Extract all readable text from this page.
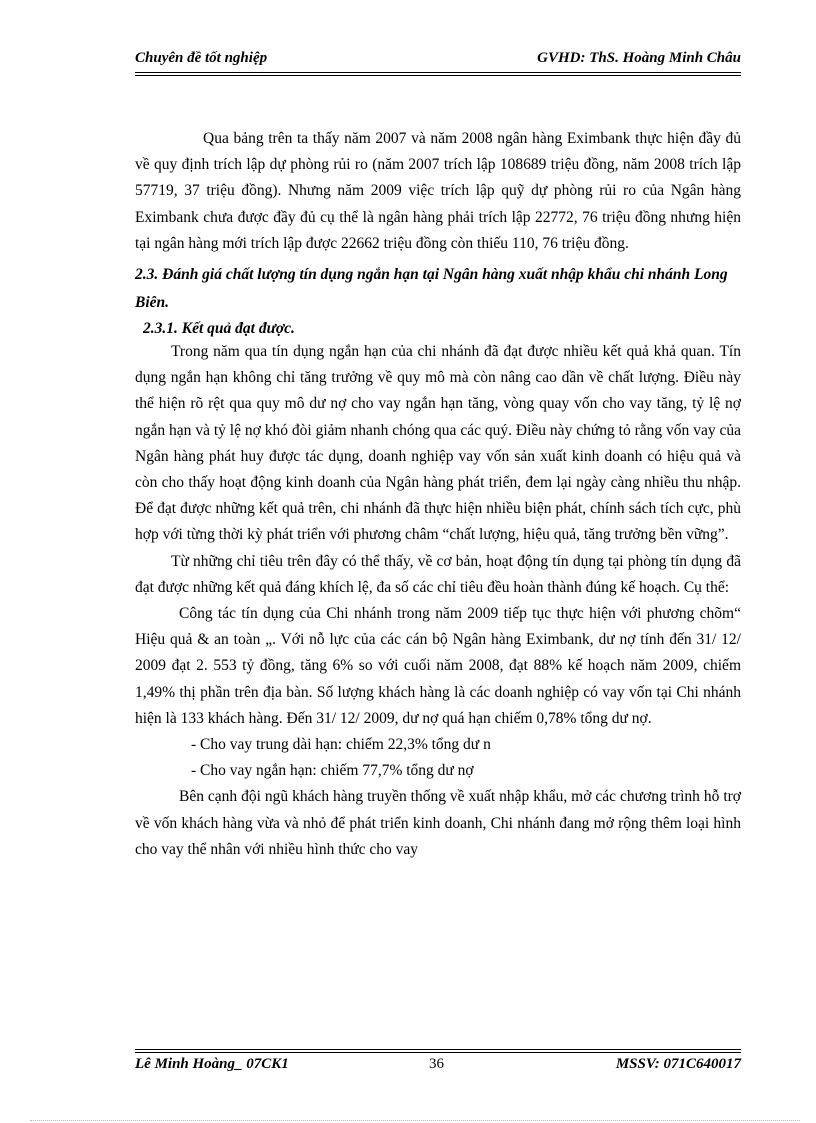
Chuyên đề tốt nghiệp	GVHD: ThS. Hoàng Minh Châu

Qua bảng trên ta thấy năm 2007 và năm 2008 ngân hàng Eximbank thực hiện đầy đủ về quy định trích lập dự phòng rủi ro (năm 2007 trích lập 108689 triệu đồng, năm 2008 trích lập 57719, 37 triệu đồng). Nhưng năm 2009 việc trích lập quỹ dự phòng rủi ro của Ngân hàng Eximbank chưa được đầy đủ cụ thể là ngân hàng phải trích lập 22772, 76 triệu đồng nhưng hiện tại ngân hàng mới trích lập được 22662 triệu đồng còn thiếu 110, 76 triệu đồng.

2.3. Đánh giá chất lượng tín dụng ngắn hạn tại Ngân hàng xuất nhập khẩu chi nhánh Long Biên.

2.3.1. Kết quả đạt được.

Trong năm qua tín dụng ngắn hạn của chi nhánh đã đạt được nhiều kết quả khả quan. Tín dụng ngắn hạn không chỉ tăng trưởng về quy mô mà còn nâng cao dần về chất lượng. Điều này thể hiện rõ rệt qua quy mô dư nợ cho vay ngắn hạn tăng, vòng quay vốn cho vay tăng, tỷ lệ nợ ngắn hạn và tỷ lệ nợ khó đòi giảm nhanh chóng qua các quý. Điều này chứng tỏ rằng vốn vay của Ngân hàng phát huy được tác dụng, doanh nghiệp vay vốn sản xuất kinh doanh có hiệu quả và còn cho thấy hoạt động kinh doanh của Ngân hàng phát triển, đem lại ngày càng nhiều thu nhập. Để đạt được những kết quả trên, chi nhánh đã thực hiện nhiều biện phát, chính sách tích cực, phù hợp với từng thời kỳ phát triển với phương châm “chất lượng, hiệu quả, tăng trưởng bền vững”.

Từ những chỉ tiêu trên đây có thể thấy, về cơ bản, hoạt động tín dụng tại phòng tín dụng đã đạt được những kết quả đáng khích lệ, đa số các chỉ tiêu đều hoàn thành đúng kế hoạch. Cụ thể:

Công tác tín dụng của Chi nhánh trong năm 2009 tiếp tục thực hiện với phương chõm“ Hiệu quả & an toàn „. Với nỗ lực của các cán bộ Ngân hàng Eximbank, dư nợ tính đến 31/ 12/ 2009 đạt 2. 553 tỷ đồng, tăng 6% so với cuối năm 2008, đạt 88% kế hoạch năm 2009, chiếm 1,49% thị phần trên địa bàn. Số lượng khách hàng là các doanh nghiệp có vay vốn tại Chi nhánh hiện là 133 khách hàng. Đến 31/ 12/ 2009, dư nợ quá hạn chiếm 0,78% tổng dư nợ.

- Cho vay trung dài hạn: chiếm 22,3% tổng dư n

- Cho vay ngắn hạn: chiếm 77,7% tổng dư nợ

Bên cạnh đội ngũ khách hàng truyền thống về xuất nhập khẩu, mở các chương trình hỗ trợ về vốn khách hàng vừa và nhỏ để phát triển kinh doanh, Chi nhánh đang mở rộng thêm loại hình cho vay thể nhân với nhiều hình thức cho vay

Lê Minh Hoàng_ 07CK1	36	MSSV: 071C640017
